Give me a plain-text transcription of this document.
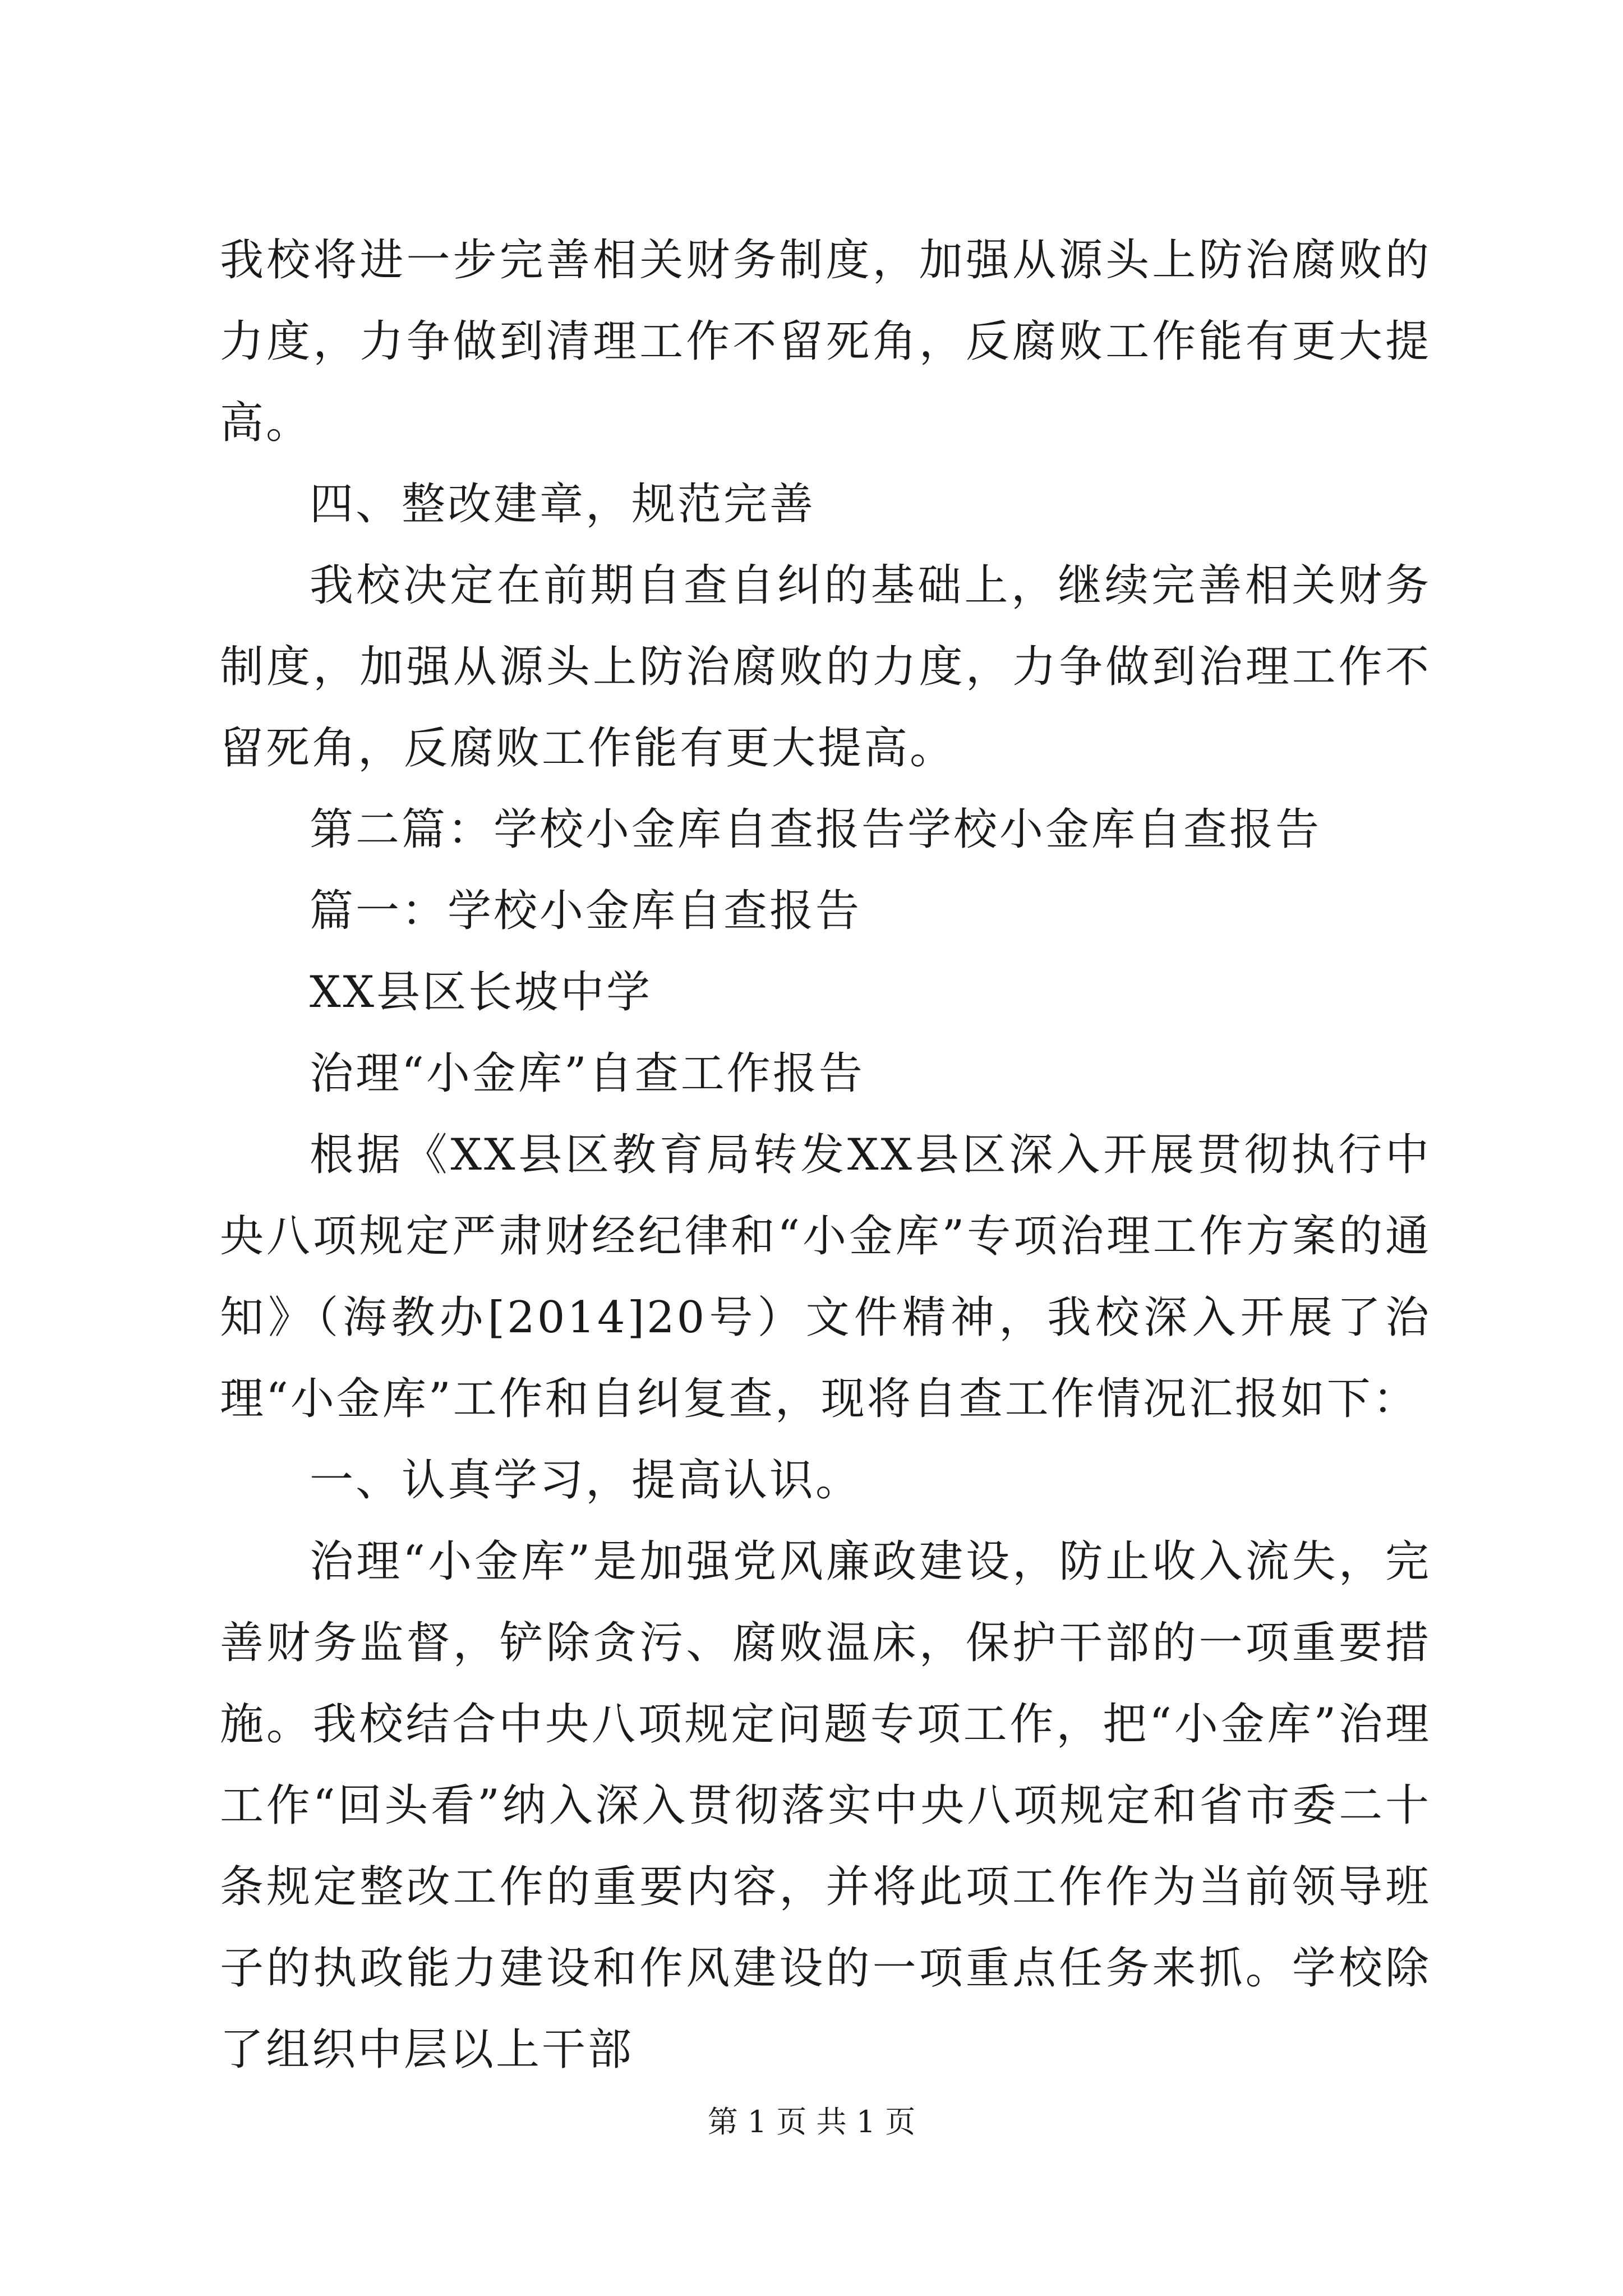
我校将进一步完善相关财务制度，加强从源头上防治腐败的力度，力争做到清理工作不留死角，反腐败工作能有更大提高。

四、整改建章，规范完善

我校决定在前期自查自纠的基础上，继续完善相关财务制度，加强从源头上防治腐败的力度，力争做到治理工作不留死角，反腐败工作能有更大提高。

第二篇：学校小金库自查报告学校小金库自查报告

篇一：学校小金库自查报告

XX县区长坡中学

治理“小金库”自查工作报告

根据《XX县区教育局转发XX县区深入开展贯彻执行中央八项规定严肃财经纪律和“小金库”专项治理工作方案的通知》（海教办[2014]20号）文件精神，我校深入开展了治理“小金库”工作和自纠复查，现将自查工作情况汇报如下：

一、认真学习，提高认识。

治理“小金库”是加强党风廉政建设，防止收入流失，完善财务监督，铲除贪污、腐败温床，保护干部的一项重要措施。我校结合中央八项规定问题专项工作，把“小金库”治理工作“回头看”纳入深入贯彻落实中央八项规定和省市委二十条规定整改工作的重要内容，并将此项工作作为当前领导班子的执政能力建设和作风建设的一项重点任务来抓。学校除了组织中层以上干部

第 1 页 共 1 页
